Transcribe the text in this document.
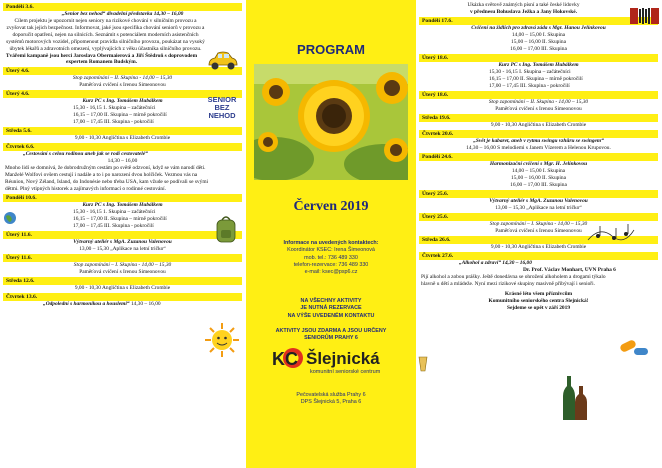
Pondělí 3.6.
„Senior bez nehod“ divadelní představka 14,30 – 16,00
Cílem projektu je upozornit nejen seniory na rizikové chování v silničním provozu a zvyšovat tak jejich bezpečnost. Informovat, jaké jsou specifika chování seniorů v provozu a doporučit opatření, nejen na silnicích. Seznámit s potenciálem moderních asistenčních systémů motorových vozidel, připomenout pravidla silničního provozu, poukázat na vysoký úbytek lékařů a zdravotních omezení, vyplývajících z věku účastníka silničního provozu.
Tvářemi kampaně jsou herci Jaroslava Obermaierová a Jiří Štědroň s doprovodem expertem Romanem Budským.
Úterý 4.6.
Stop zapomínání – II. Skupina - 14,00 – 15,30
Paměťová cvičení s Irenou Simeonovou
Úterý 4.6.
Kurz PC s Ing. Tomášem Hubálkem
15,30 - 16,15 1. Skupina – začátečníci
16,15 – 17,00 II. Skupina – mírně pokročilí
17,00 – 17,45 III. Skupina - pokročilí
Středa 5.6.
9,00 - 10,30 Angličtina s Elizabeth Crombie
Čtvrtek 6.6.
„Cestování s celou rodinou aneb jak se rodí cestovatelé“
14,30 – 16,00
Mnoho lidí se domnívá, že dobrodružným cestám po světě odzvoní, když se vám narodí děti. Manželé Wolfovi ovšem cestují i nadále a to i po narození dvou holčiček. Vezmou vás na Réunion, Nový Zéland, Island, do Indonésie nebo třeba USA, kam vžude se podívali se svými dětmi. Plný vtipných historek a zajímavých informací o rodinné cestování.
Pondělí 10.6.
Kurz PC s Ing. Tomášem Hubálkem
15,30 - 16,15 1. Skupina – začátečníci
16,15 – 17,00 II. Skupina – mírně pokročilí
17,00 – 17,45 III. Skupina - pokročilí
Úterý 11.6.
Výtvarný ateliér s MgA. Zuzanou Valenovou
13,00 – 15,30 „Aplikace na letní tričko“
Úterý 11.6.
Stop zapomínání – I. Skupina - 14,00 – 15,30
Paměťová cvičení s Irenou Simeonovou
Středa 12.6.
9,00 - 10,30 Angličtina s Elizabeth Crombie
Čtvrtek 13.6.
„Odpolední s harmonikou a houslemi“ 14,30 – 16,00
SENIOR
BEZ
NEHOD
PROGRAM
Červen 2019
Informace na uvedených kontaktech:
Koordinátor KSEC: Irena Šimeonová
mob. tel.: 736 489 330
telefon-rezervace: 736 489 330
e-mail: ksec@psp6.cz
NA VŠECHNY AKTIVITY
JE NUTNÁ REZERVACE
NA VÝŠE UVEDENÉM KONTAKTU
AKTIVITY JSOU ZDARMA A JSOU URČENY
SENIORŮM PRAHY 6
KC Šlejnická
komunitní seniorské centrum
Pečovatelská služba Prahy 6
DPS Šlejnická 5, Praha 6
Ukázka světově známých písní a také české lidovky
v přednesu Bohuslava Ježka a Jany Hokovské.
Pondělí 17.6.
Cvičení na židlích pro zdravá záda s Mgr. Hanou Jelínkovou
14,00 – 15,00 I. Skupina
15,00 – 16,00 II. Skupina
16,00 – 17,00 III. Skupina
Úterý 18.6.
Kurz PC s Ing. Tomášem Hubálkem
15,30 - 16,15 I. Skupina – začátečníci
16,15 – 17,00 II. Skupina – mírně pokročilí
17,00 – 17,45 III. Skupina - pokročilí
Úterý 18.6.
Stop zapomínání – II. Skupina - 14,00 – 15,30
Paměťová cvičení s Irenou Simeonovou
Středa 19.6.
9,00 - 10,30 Angličtina s Elizabeth Crombie
Čtvrtek 20.6.
„Svět je kabaret, aneb v rytmu swingu vzhůru se swingem“
14,30 – 16,00 S melodiemi s Janem Vízerem a Helenou Krupovou.
Pondělí 24.6.
Harmonizační cvičení s Mgr. H. Jelínkovou
14,00 – 15,00 I. Skupina
15,00 – 16,00 II. Skupina
16,00 – 17,00 III. Skupina
Úterý 25.6.
Výtvarný ateliér s MgA. Zuzanou Valenovou
13,00 – 15,30 „Aplikace na letní tričko“
Úterý 25.6.
Stop zapomínání – I. Skupina - 14,00 – 15,30
Paměťová cvičení s Irenou Simeonovou
Středa 26.6.
9,00 - 10,30 Angličtina s Elizabeth Crombie
Čtvrtek 27.6.
„Alkohol a zdraví“ 14,30 – 16,00
Dr. Prof. Václav Monhart, ÚVN Praha 6
Pijí alkohol a zobou prášky. Ještě donedávna se ohrožení alkoholem a drogami týkalo hlavně u dětí a mládeže. Nyní mezi rizikové skupiny masivně přibývají i senioři.
Krásné léto všem příznivcům
Komunitního seniorského centra Šlejnická!
Sejdeme se opět v září 2019
